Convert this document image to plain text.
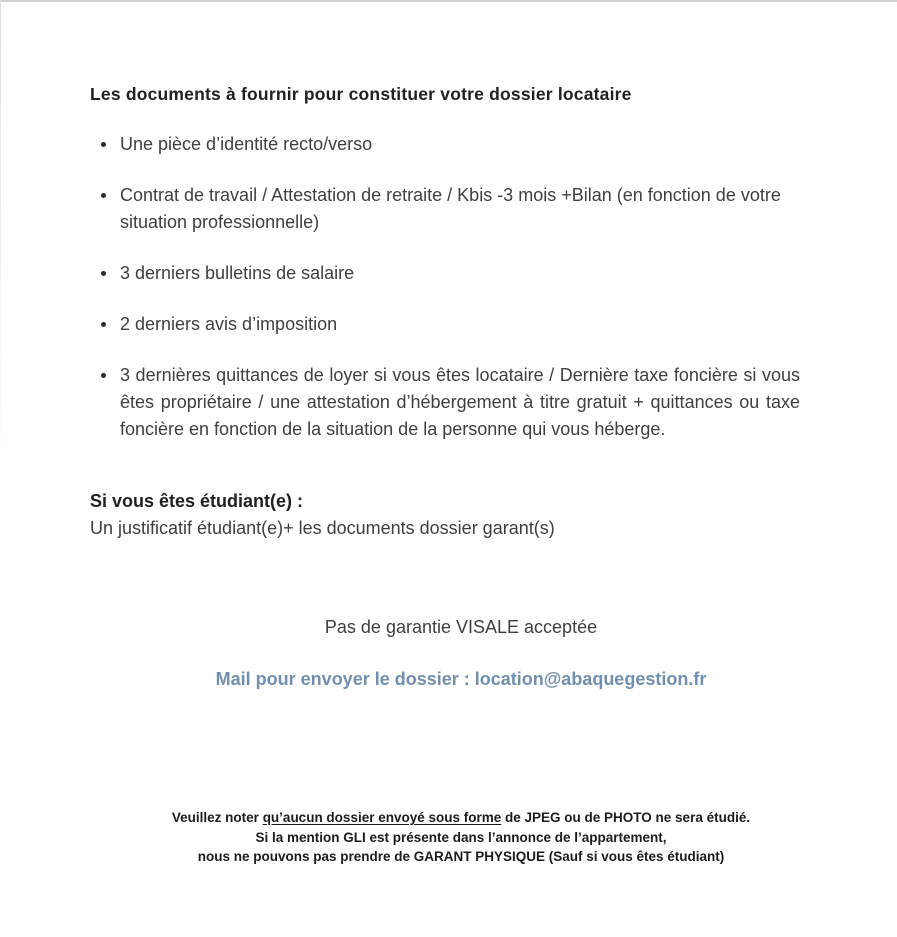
Les documents à fournir pour constituer votre dossier locataire
Une pièce d’identité recto/verso
Contrat de travail / Attestation de retraite / Kbis -3 mois +Bilan (en fonction de votre situation professionnelle)
3 derniers bulletins de salaire
2 derniers avis d’imposition
3 dernières quittances de loyer si vous êtes locataire / Dernière taxe foncière si vous êtes propriétaire / une attestation d’hébergement à titre gratuit + quittances ou taxe foncière en fonction de la situation de la personne qui vous héberge.
Si vous êtes étudiant(e) :
Un justificatif étudiant(e)+ les documents dossier garant(s)
Pas de garantie VISALE acceptée
Mail pour envoyer le dossier : location@abaquegestion.fr
Veuillez noter qu’aucun dossier envoyé sous forme de JPEG ou de PHOTO ne sera étudié.
Si la mention GLI est présente dans l’annonce de l’appartement,
nous ne pouvons pas prendre de GARANT PHYSIQUE (Sauf si vous êtes étudiant)
